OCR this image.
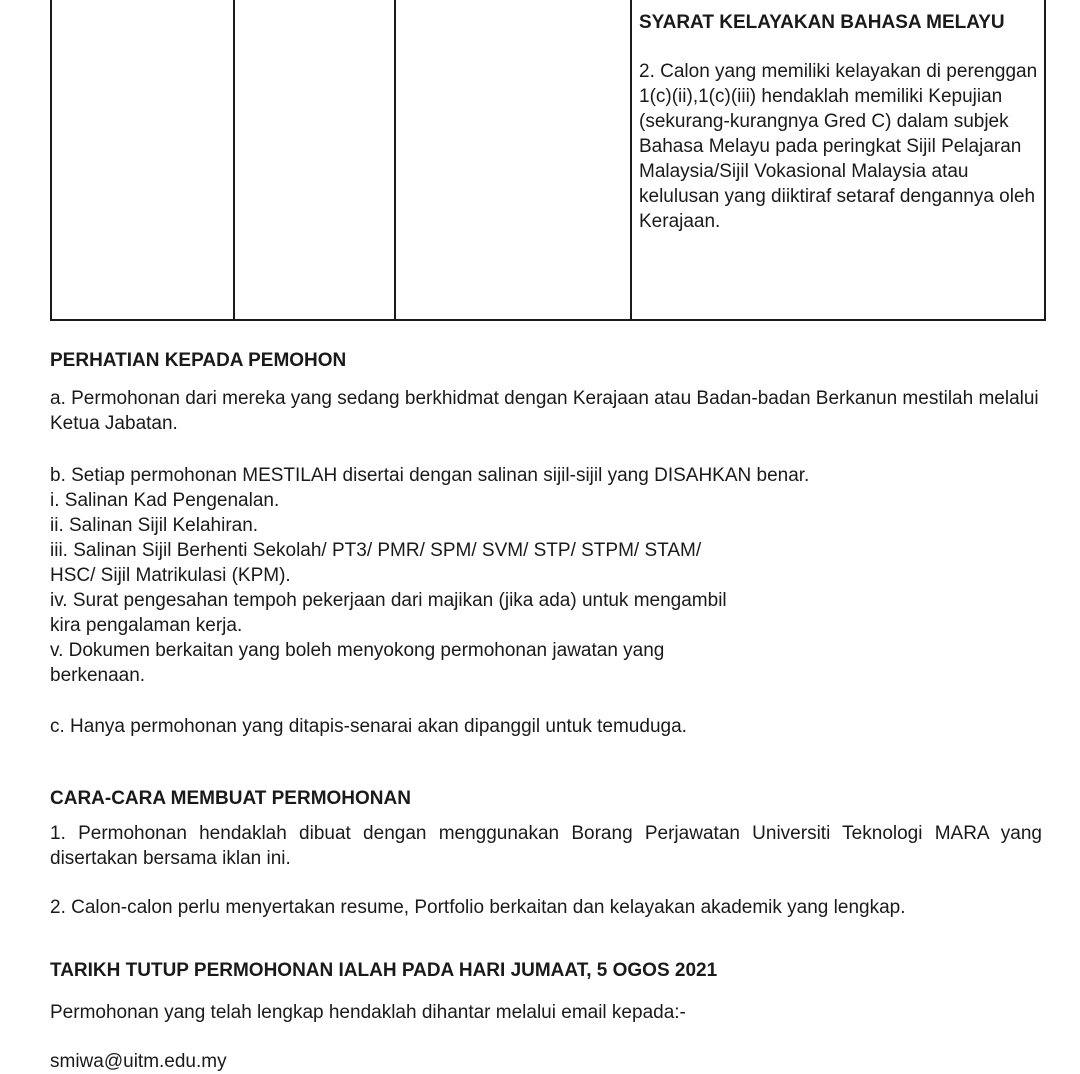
SYARAT KELAYAKAN BAHASA MELAYU

2. Calon yang memiliki kelayakan di perenggan 1(c)(ii),1(c)(iii) hendaklah memiliki Kepujian (sekurang-kurangnya Gred C) dalam subjek Bahasa Melayu pada peringkat Sijil Pelajaran Malaysia/Sijil Vokasional Malaysia atau kelulusan yang diiktiraf setaraf dengannya oleh Kerajaan.

PERHATIAN KEPADA PEMOHON

a. Permohonan dari mereka yang sedang berkhidmat dengan Kerajaan atau Badan-badan Berkanun mestilah melalui Ketua Jabatan.

b. Setiap permohonan MESTILAH disertai dengan salinan sijil-sijil yang DISAHKAN benar.

i. Salinan Kad Pengenalan.

ii. Salinan Sijil Kelahiran.

iii. Salinan Sijil Berhenti Sekolah/ PT3/ PMR/ SPM/ SVM/ STP/ STPM/ STAM/ HSC/ Sijil Matrikulasi (KPM).

iv. Surat pengesahan tempoh pekerjaan dari majikan (jika ada) untuk mengambil kira pengalaman kerja.

v. Dokumen berkaitan yang boleh menyokong permohonan jawatan yang berkenaan.

c. Hanya permohonan yang ditapis-senarai akan dipanggil untuk temuduga.

CARA-CARA MEMBUAT PERMOHONAN

1. Permohonan hendaklah dibuat dengan menggunakan Borang Perjawatan Universiti Teknologi MARA yang disertakan bersama iklan ini.

2. Calon-calon perlu menyertakan resume, Portfolio berkaitan dan kelayakan akademik yang lengkap.

TARIKH TUTUP PERMOHONAN IALAH PADA HARI JUMAAT, 5 OGOS 2021

Permohonan yang telah lengkap hendaklah dihantar melalui email kepada:-

smiwa@uitm.edu.my
